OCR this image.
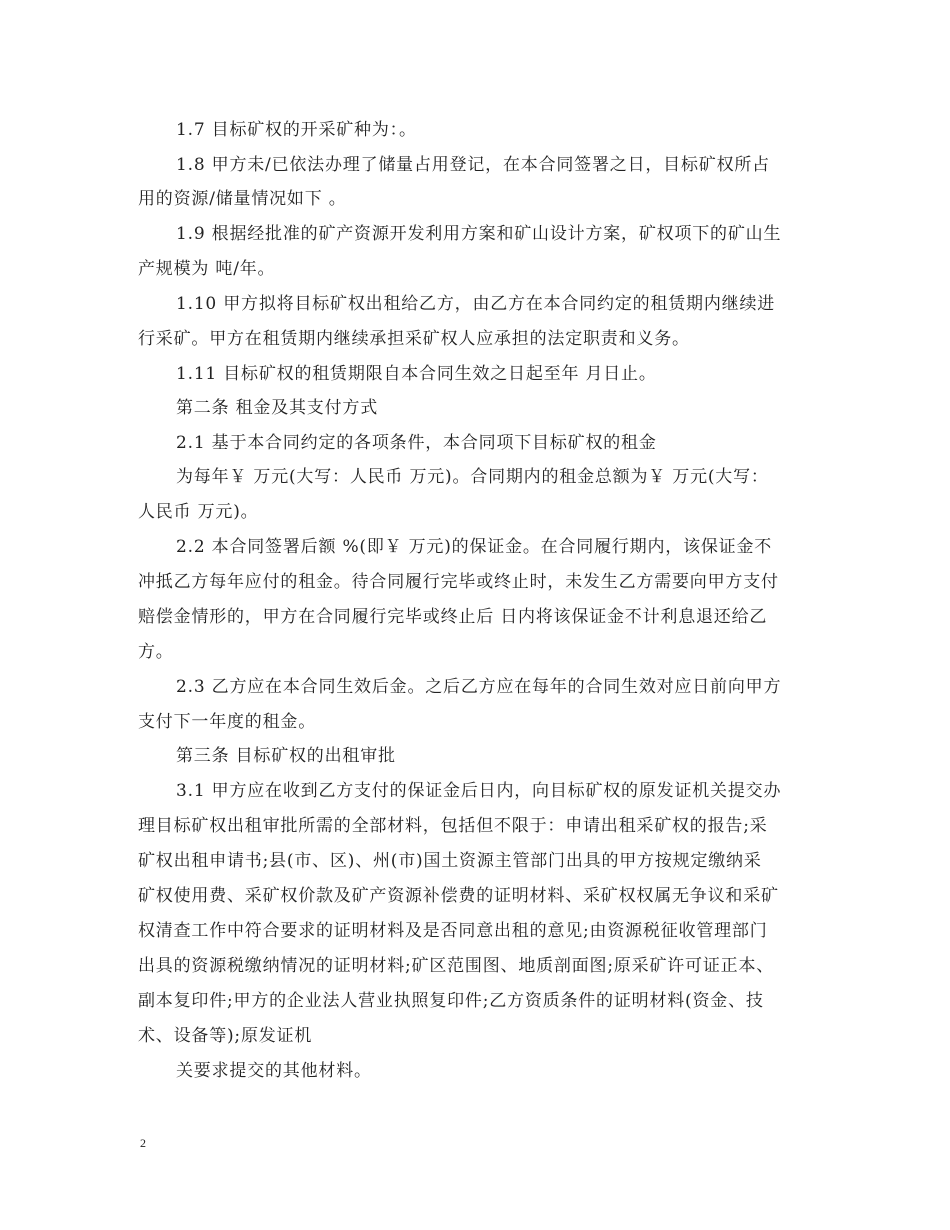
1.7 目标矿权的开采矿种为：。
1.8 甲方未/已依法办理了储量占用登记，在本合同签署之日，目标矿权所占
用的资源/储量情况如下 。
1.9 根据经批准的矿产资源开发利用方案和矿山设计方案，矿权项下的矿山生
产规模为 吨/年。
1.10 甲方拟将目标矿权出租给乙方，由乙方在本合同约定的租赁期内继续进
行采矿。甲方在租赁期内继续承担采矿权人应承担的法定职责和义务。
1.11 目标矿权的租赁期限自本合同生效之日起至年 月日止。
第二条 租金及其支付方式
2.1 基于本合同约定的各项条件，本合同项下目标矿权的租金
为每年￥ 万元(大写：人民币 万元)。合同期内的租金总额为￥ 万元(大写：
人民币 万元)。
2.2 本合同签署后额 %(即￥ 万元)的保证金。在合同履行期内，该保证金不
冲抵乙方每年应付的租金。待合同履行完毕或终止时，未发生乙方需要向甲方支付
赔偿金情形的，甲方在合同履行完毕或终止后 日内将该保证金不计利息退还给乙
方。
2.3 乙方应在本合同生效后金。之后乙方应在每年的合同生效对应日前向甲方
支付下一年度的租金。
第三条 目标矿权的出租审批
3.1 甲方应在收到乙方支付的保证金后日内，向目标矿权的原发证机关提交办
理目标矿权出租审批所需的全部材料，包括但不限于：申请出租采矿权的报告;采
矿权出租申请书;县(市、区)、州(市)国土资源主管部门出具的甲方按规定缴纳采
矿权使用费、采矿权价款及矿产资源补偿费的证明材料、采矿权权属无争议和采矿
权清查工作中符合要求的证明材料及是否同意出租的意见;由资源税征收管理部门
出具的资源税缴纳情况的证明材料;矿区范围图、地质剖面图;原采矿许可证正本、
副本复印件;甲方的企业法人营业执照复印件;乙方资质条件的证明材料(资金、技
术、设备等);原发证机
关要求提交的其他材料。
2
